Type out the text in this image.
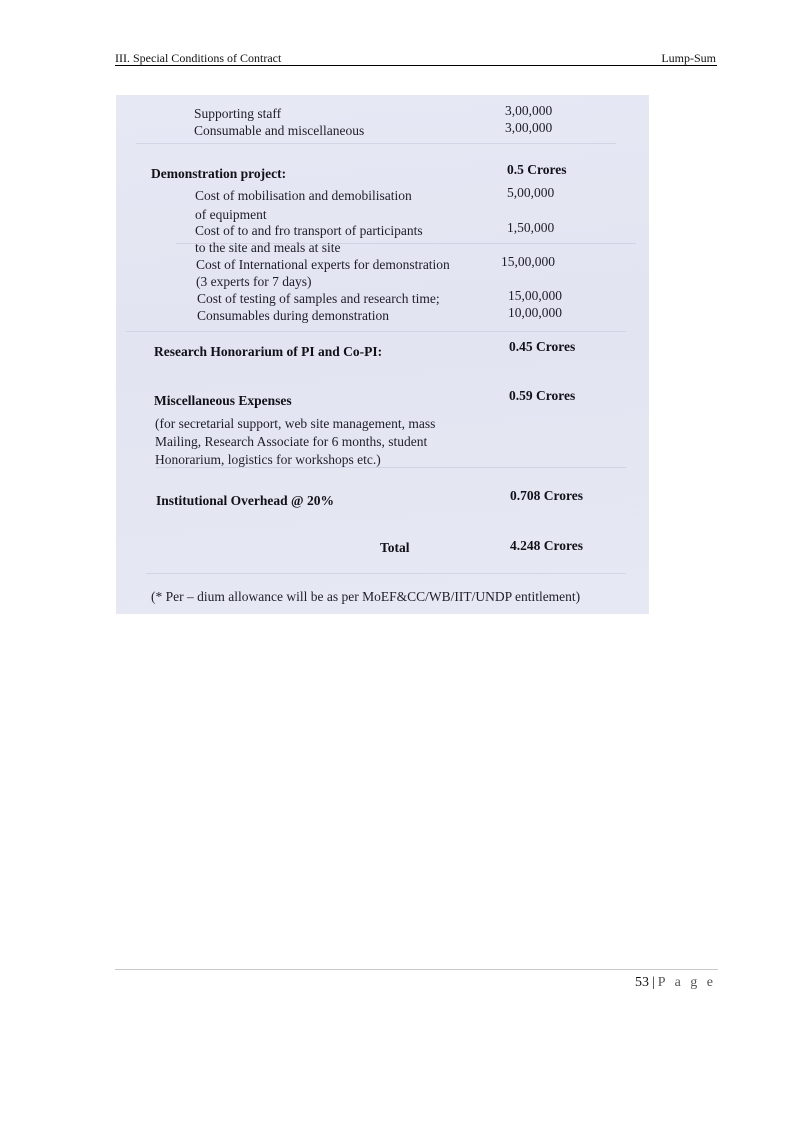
III. Special Conditions of Contract	Lump-Sum
Supporting staff	3,00,000
Consumable and miscellaneous	3,00,000
Demonstration project:	0.5 Crores
Cost of mobilisation and demobilisation	5,00,000
of equipment
Cost of to and fro transport of participants	1,50,000
to the site and meals at site
Cost of International experts for demonstration	15,00,000
(3 experts for 7 days)
Cost of testing of samples and research time;	15,00,000
Consumables during demonstration	10,00,000
Research Honorarium of PI and Co-PI:	0.45 Crores
Miscellaneous Expenses	0.59 Crores
(for secretarial support, web site management, mass
Mailing, Research Associate for 6 months, student
Honorarium, logistics for workshops etc.)
Institutional Overhead @ 20%	0.708 Crores
Total	4.248 Crores
(* Per – dium allowance will be as per MoEF&CC/WB/IIT/UNDP entitlement)
53 | P a g e
